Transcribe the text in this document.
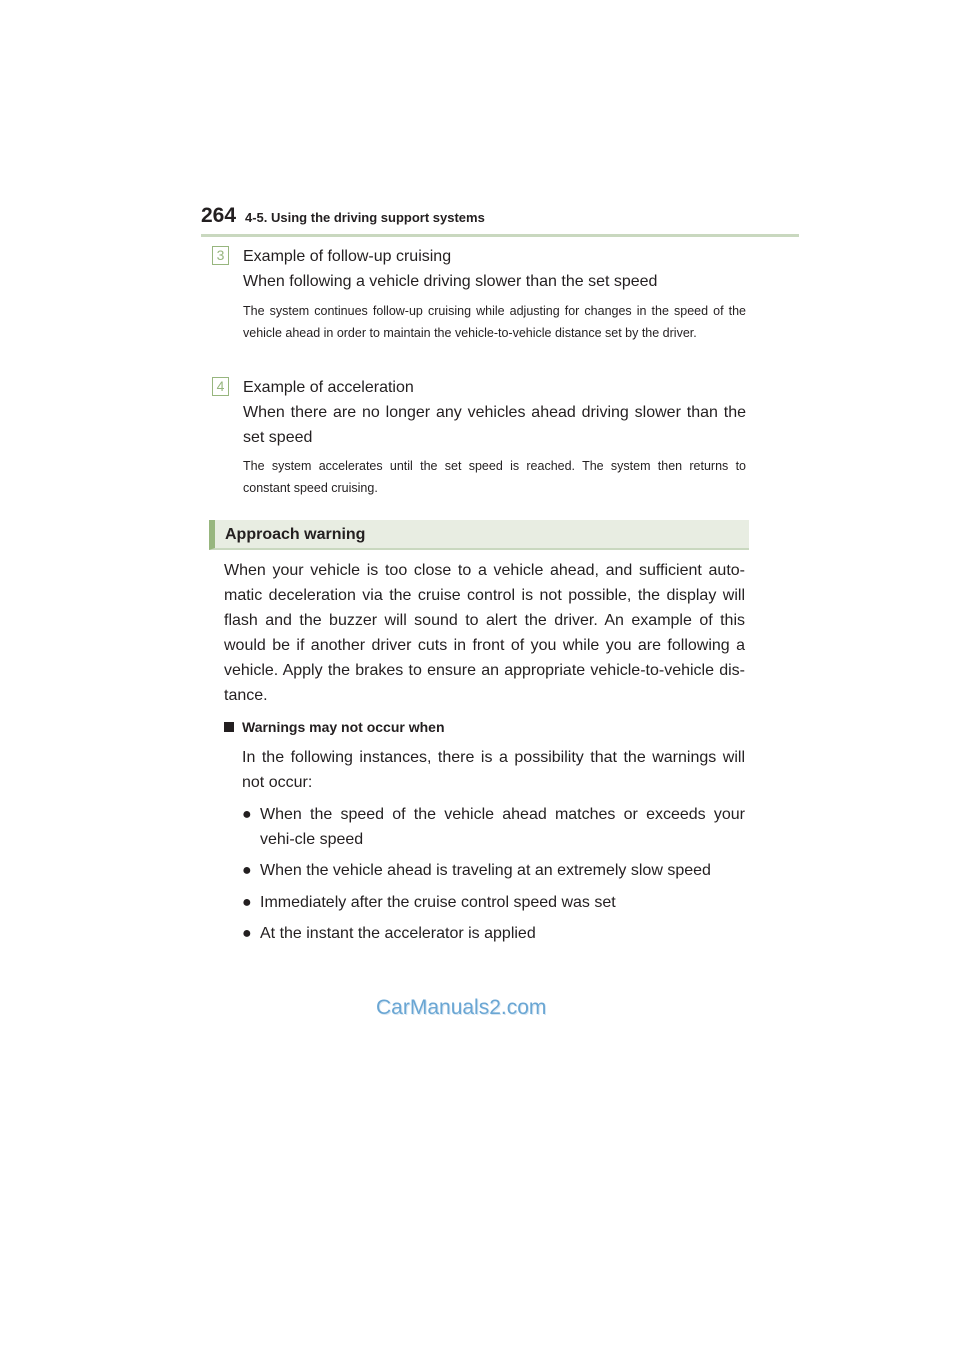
264 4-5. Using the driving support systems
3 Example of follow-up cruising
When following a vehicle driving slower than the set speed
The system continues follow-up cruising while adjusting for changes in the speed of the vehicle ahead in order to maintain the vehicle-to-vehicle distance set by the driver.
4 Example of acceleration
When there are no longer any vehicles ahead driving slower than the set speed
The system accelerates until the set speed is reached. The system then returns to constant speed cruising.
Approach warning
When your vehicle is too close to a vehicle ahead, and sufficient auto-matic deceleration via the cruise control is not possible, the display will flash and the buzzer will sound to alert the driver. An example of this would be if another driver cuts in front of you while you are following a vehicle. Apply the brakes to ensure an appropriate vehicle-to-vehicle dis-tance.
Warnings may not occur when
In the following instances, there is a possibility that the warnings will not occur:
● When the speed of the vehicle ahead matches or exceeds your vehi-cle speed
● When the vehicle ahead is traveling at an extremely slow speed
● Immediately after the cruise control speed was set
● At the instant the accelerator is applied
CarManuals2.com
